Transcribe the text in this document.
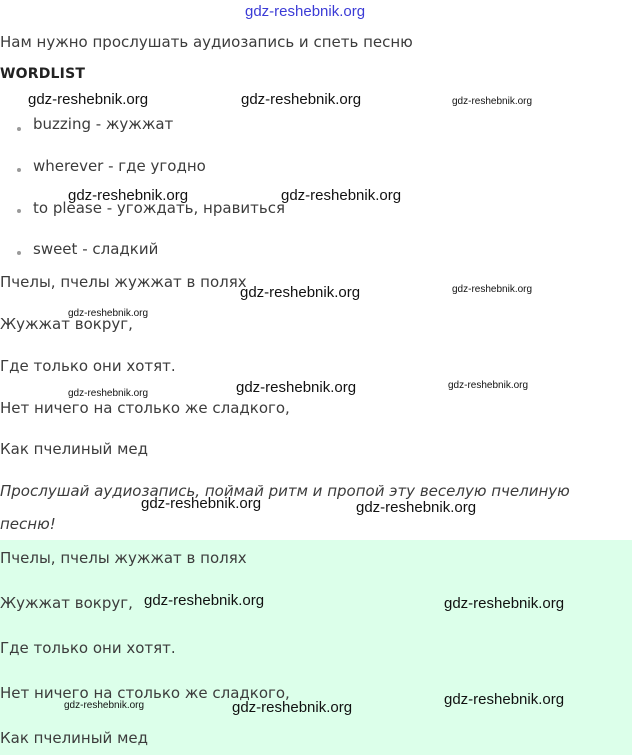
gdz-reshebnik.org
Нам нужно прослушать аудиозапись и спеть песню
WORDLIST
buzzing - жужжат
wherever - где угодно
to please - угождать, нравиться
sweet - сладкий
Пчелы, пчелы жужжат в полях
Жужжат вокруг,
Где только они хотят.
Нет ничего на столько же сладкого,
Как пчелиный мед
Прослушай аудиозапись, поймай ритм и пропой эту веселую пчелиную
песню!
Пчелы, пчелы жужжат в полях
Жужжат вокруг,
Где только они хотят.
Нет ничего на столько же сладкого,
Как пчелиный мед
gdz-reshebnik.org	gdz-reshebnik.org	gdz-reshebnik.org
gdz-reshebnik.org	gdz-reshebnik.org
gdz-reshebnik.org	gdz-reshebnik.org
gdz-reshebnik.org
gdz-reshebnik.org	gdz-reshebnik.org
gdz-reshebnik.org
gdz-reshebnik.org	gdz-reshebnik.org
gdz-reshebnik.org	gdz-reshebnik.org
gdz-reshebnik.org
gdz-reshebnik.org
gdz-reshebnik.org
